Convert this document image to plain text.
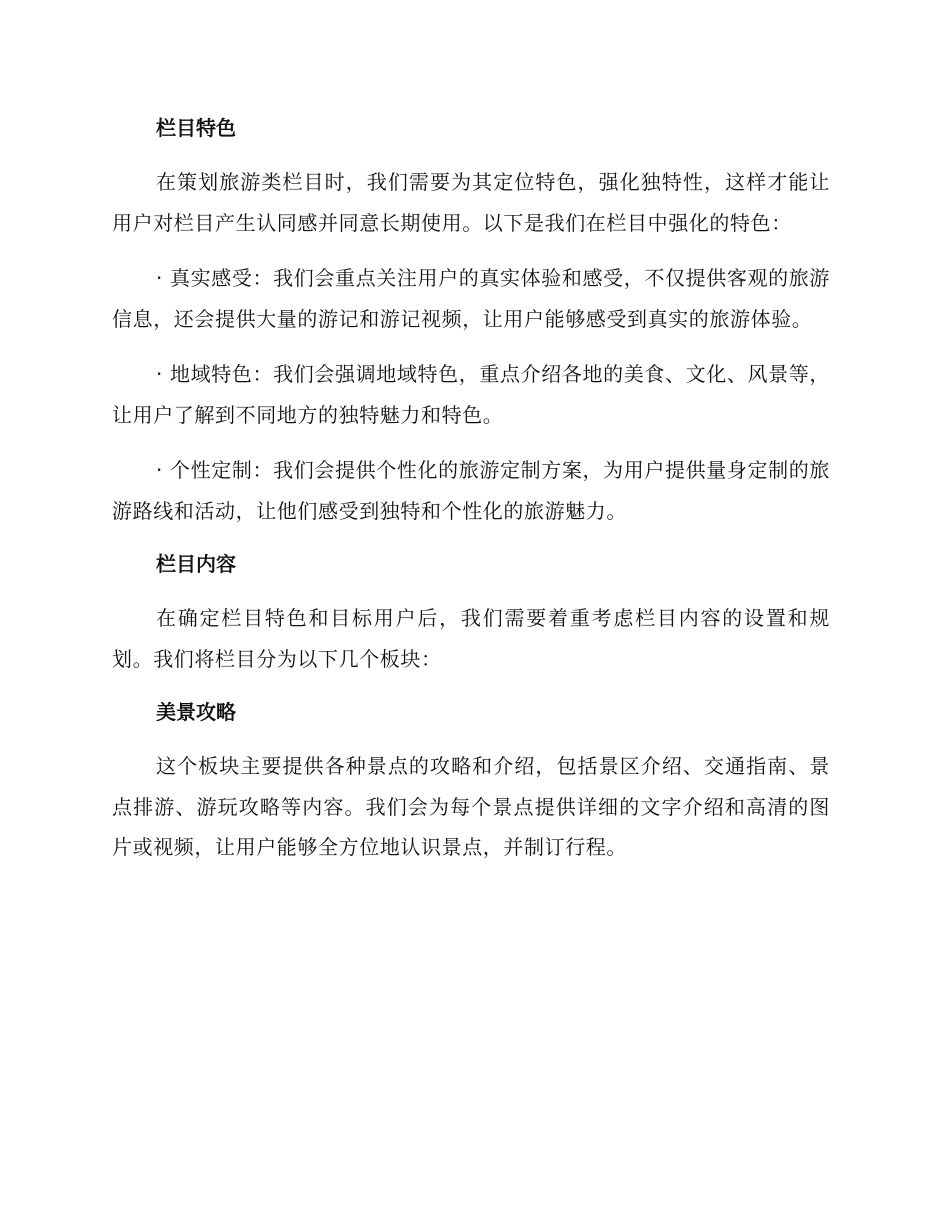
栏目特色

在策划旅游类栏目时，我们需要为其定位特色，强化独特性，这样才能让用户对栏目产生认同感并同意长期使用。以下是我们在栏目中强化的特色：

· 真实感受：我们会重点关注用户的真实体验和感受，不仅提供客观的旅游信息，还会提供大量的游记和游记视频，让用户能够感受到真实的旅游体验。

· 地域特色：我们会强调地域特色，重点介绍各地的美食、文化、风景等，让用户了解到不同地方的独特魅力和特色。

· 个性定制：我们会提供个性化的旅游定制方案，为用户提供量身定制的旅游路线和活动，让他们感受到独特和个性化的旅游魅力。

栏目内容

在确定栏目特色和目标用户后，我们需要着重考虑栏目内容的设置和规划。我们将栏目分为以下几个板块：

美景攻略

这个板块主要提供各种景点的攻略和介绍，包括景区介绍、交通指南、景点排游、游玩攻略等内容。我们会为每个景点提供详细的文字介绍和高清的图片或视频，让用户能够全方位地认识景点，并制订行程。
